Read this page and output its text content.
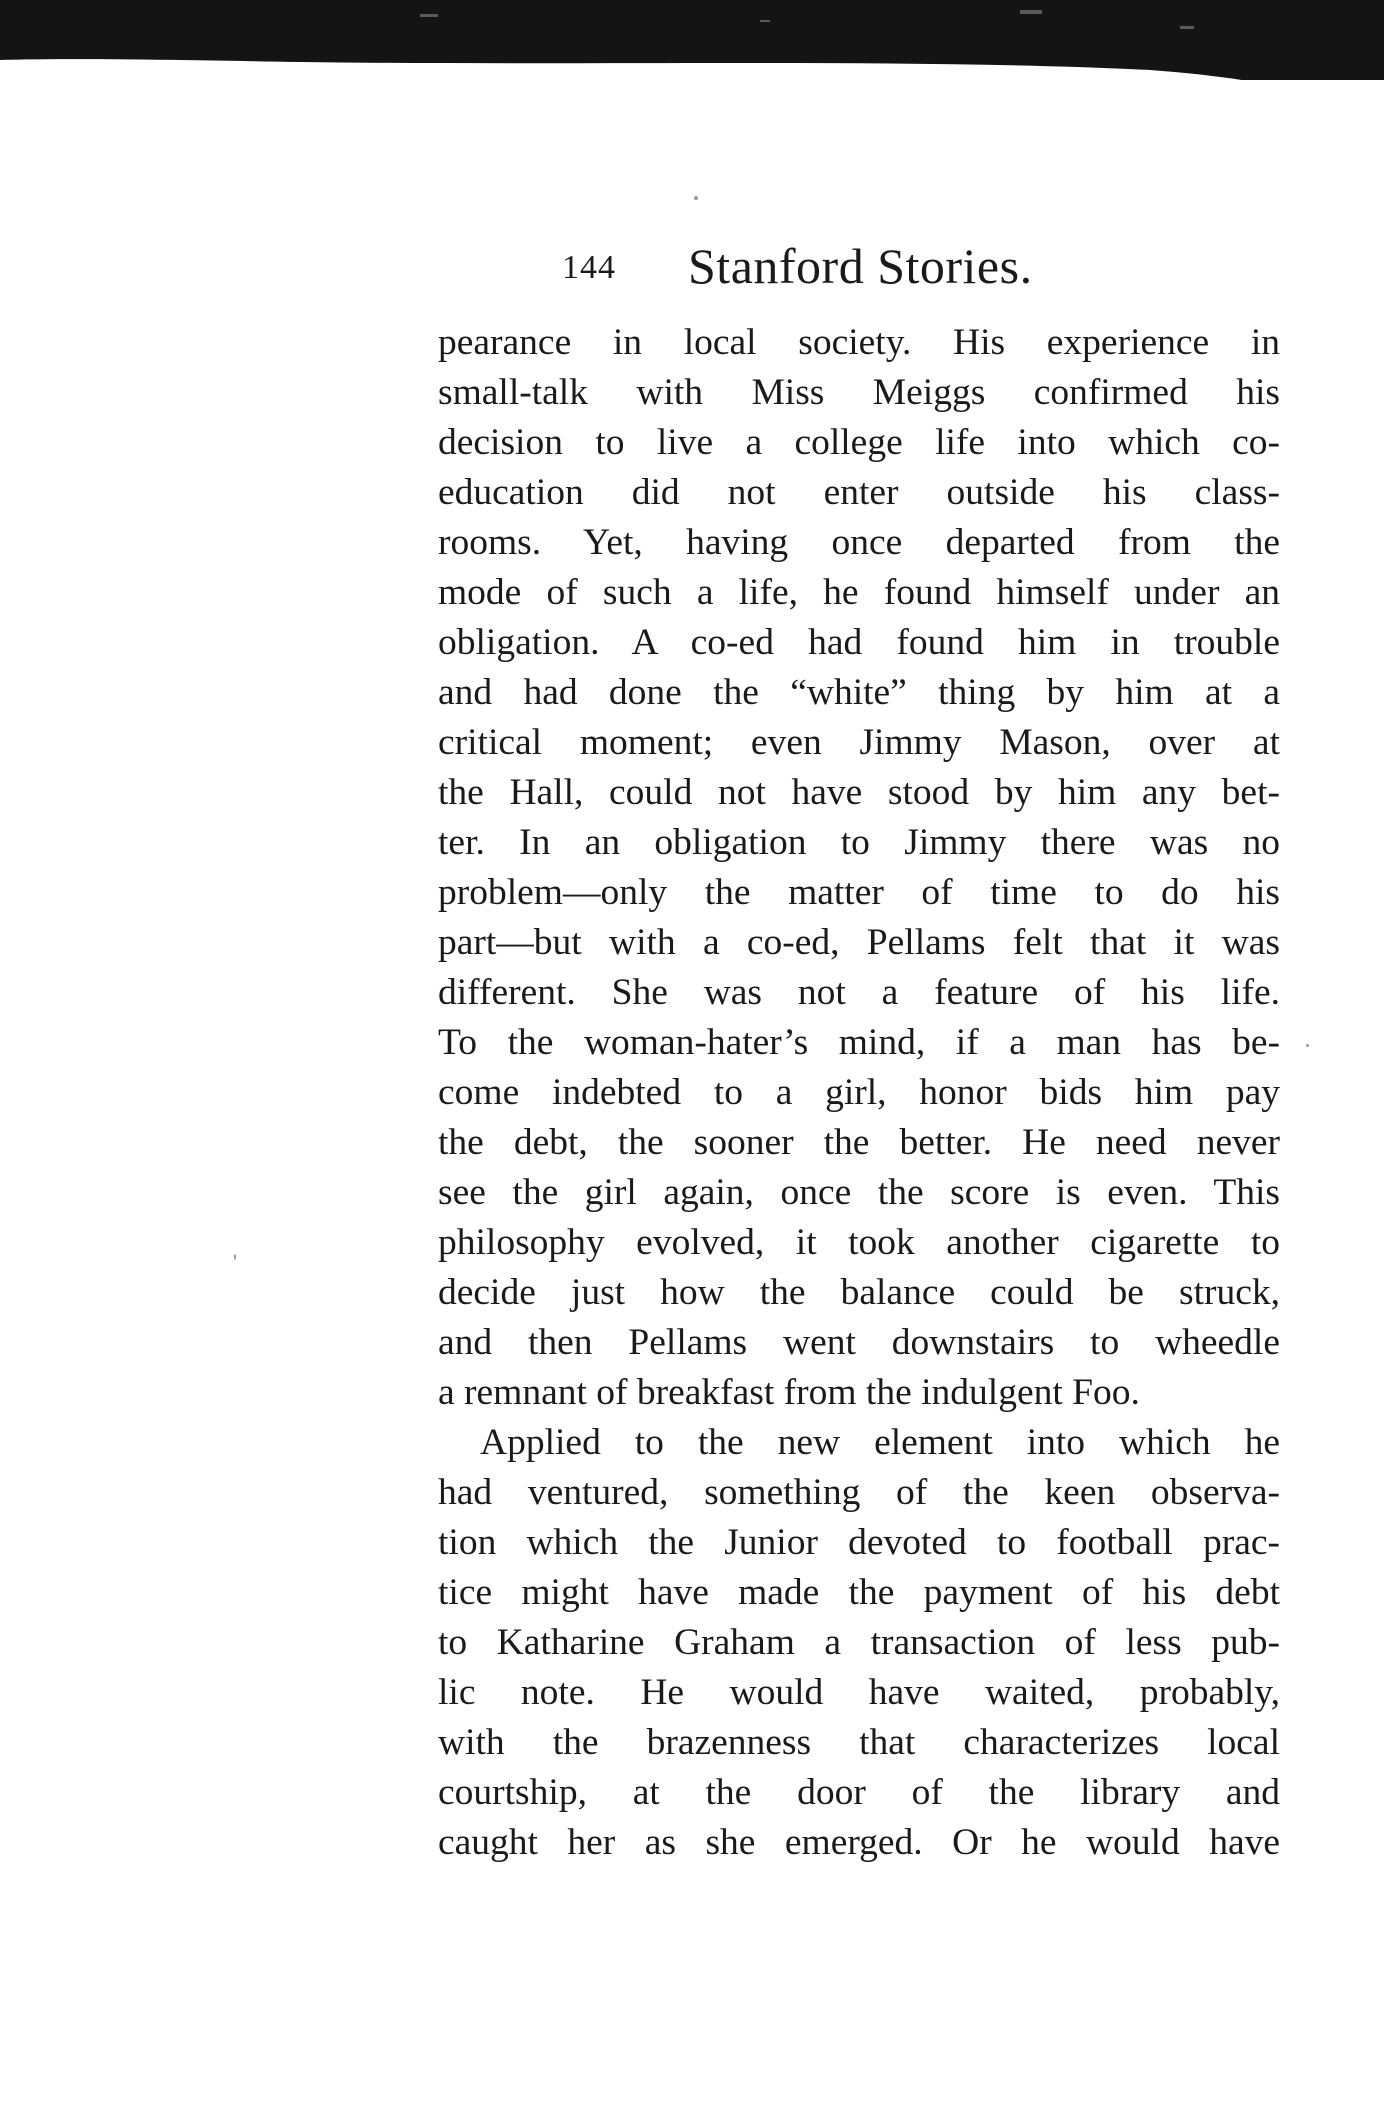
144 Stanford Stories.
pearance in local society. His experience in
small-talk with Miss Meiggs confirmed his
decision to live a college life into which co-
education did not enter outside his class-
rooms. Yet, having once departed from the
mode of such a life, he found himself under an
obligation. A co-ed had found him in trouble
and had done the “white” thing by him at a
critical moment; even Jimmy Mason, over at
the Hall, could not have stood by him any bet-
ter. In an obligation to Jimmy there was no
problem—only the matter of time to do his
part—but with a co-ed, Pellams felt that it was
different. She was not a feature of his life.
To the woman-hater’s mind, if a man has be-
come indebted to a girl, honor bids him pay
the debt, the sooner the better. He need never
see the girl again, once the score is even. This
philosophy evolved, it took another cigarette to
decide just how the balance could be struck,
and then Pellams went downstairs to wheedle
a remnant of breakfast from the indulgent Foo.
Applied to the new element into which he
had ventured, something of the keen observa-
tion which the Junior devoted to football prac-
tice might have made the payment of his debt
to Katharine Graham a transaction of less pub-
lic note. He would have waited, probably,
with the brazenness that characterizes local
courtship, at the door of the library and
caught her as she emerged. Or he would have
